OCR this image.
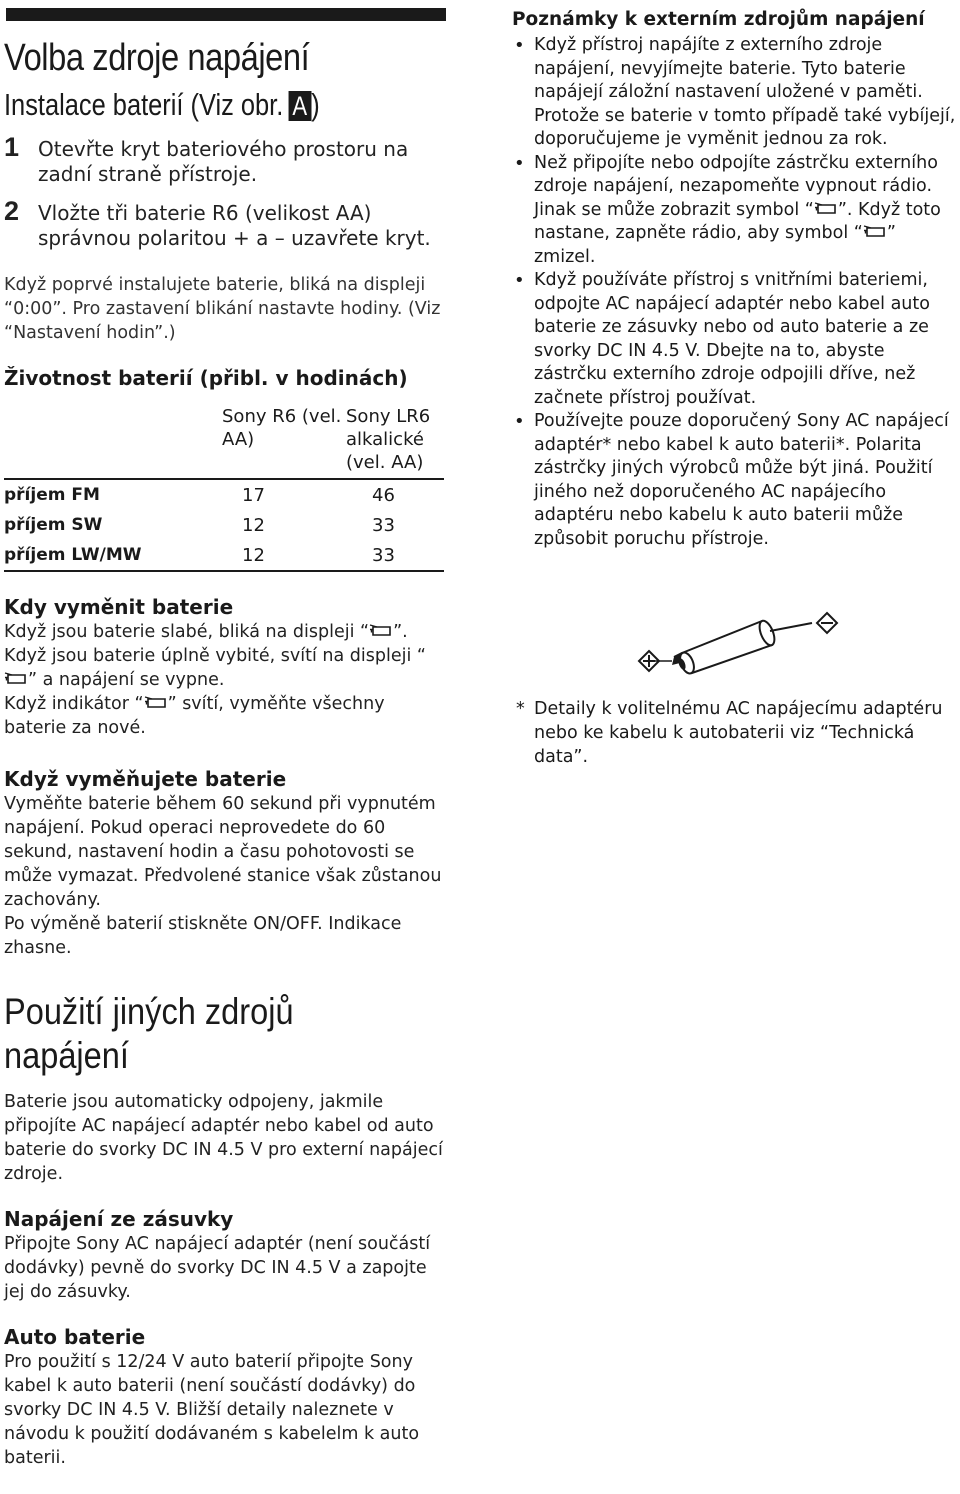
Volba zdroje napájení
Instalace baterií (Viz obr. A )
1 Otevřte kryt bateriového prostoru na zadní straně přístroje.
2 Vložte tři baterie R6 (velikost AA) správnou polaritou + a – uzavřete kryt.
Když poprvé instalujete baterie, bliká na displeji “0:00”. Pro zastavení blikání nastavte hodiny. (Viz “Nastavení hodin”.)
Životnost baterií (přibl. v hodinách)
	Sony R6 (vel. AA)	Sony LR6 alkalické (vel. AA)
příjem FM	17	46
příjem SW	12	33
příjem LW/MW	12	33
Kdy vyměnit baterie
Když jsou baterie slabé, bliká na displeji “ ”.
Když jsou baterie úplně vybité, svítí na displeji “” a napájení se vypne.
Když indikátor “ ” svítí, vyměňte všechny baterie za nové.
Když vyměňujete baterie
Vyměňte baterie během 60 sekund při vypnutém napájení. Pokud operaci neprovedete do 60 sekund, nastavení hodin a času pohotovosti se může vymazat. Předvolené stanice však zůstanou zachovány.
Po výměně baterií stiskněte ON/OFF. Indikace zhasne.
Použití jiných zdrojů napájení
Baterie jsou automaticky odpojeny, jakmile připojíte AC napájecí adaptér nebo kabel od auto baterie do svorky DC IN 4.5 V pro externí napájecí zdroje.
Napájení ze zásuvky
Připojte Sony AC napájecí adaptér (není součástí dodávky) pevně do svorky DC IN 4.5 V a zapojte jej do zásuvky.
Auto baterie
Pro použití s 12/24 V auto baterií připojte Sony kabel k auto baterii (není součástí dodávky) do svorky DC IN 4.5 V. Bližší detaily naleznete v návodu k použití dodávaném s kabelelm k auto baterii.
Poznámky k externím zdrojům napájení
• Když přístroj napájíte z externího zdroje napájení, nevyjímejte baterie. Tyto baterie napájejí záložní nastavení uložené v paměti. Protože se baterie v tomto případě také vybíjejí, doporučujeme je vyměnit jednou za rok.
• Než připojíte nebo odpojíte zástrčku externího zdroje napájení, nezapomeňte vypnout rádio. Jinak se může zobrazit symbol “ ”. Když toto nastane, zapněte rádio, aby symbol “ ” zmizel.
• Když používáte přístroj s vnitřními bateriemi, odpojte AC napájecí adaptér nebo kabel auto baterie ze zásuvky nebo od auto baterie a ze svorky DC IN 4.5 V. Dbejte na to, abyste zástrčku externího zdroje odpojili dříve, než začnete přístroj používat.
• Používejte pouze doporučený Sony AC napájecí adaptér* nebo kabel k auto baterii*. Polarita zástrčky jiných výrobců může být jiná. Použití jiného než doporučeného AC napájecího adaptéru nebo kabelu k auto baterii může způsobit poruchu přístroje.
* Detaily k volitelnému AC napájecímu adaptéru nebo ke kabelu k autobaterii viz “Technická data”.
